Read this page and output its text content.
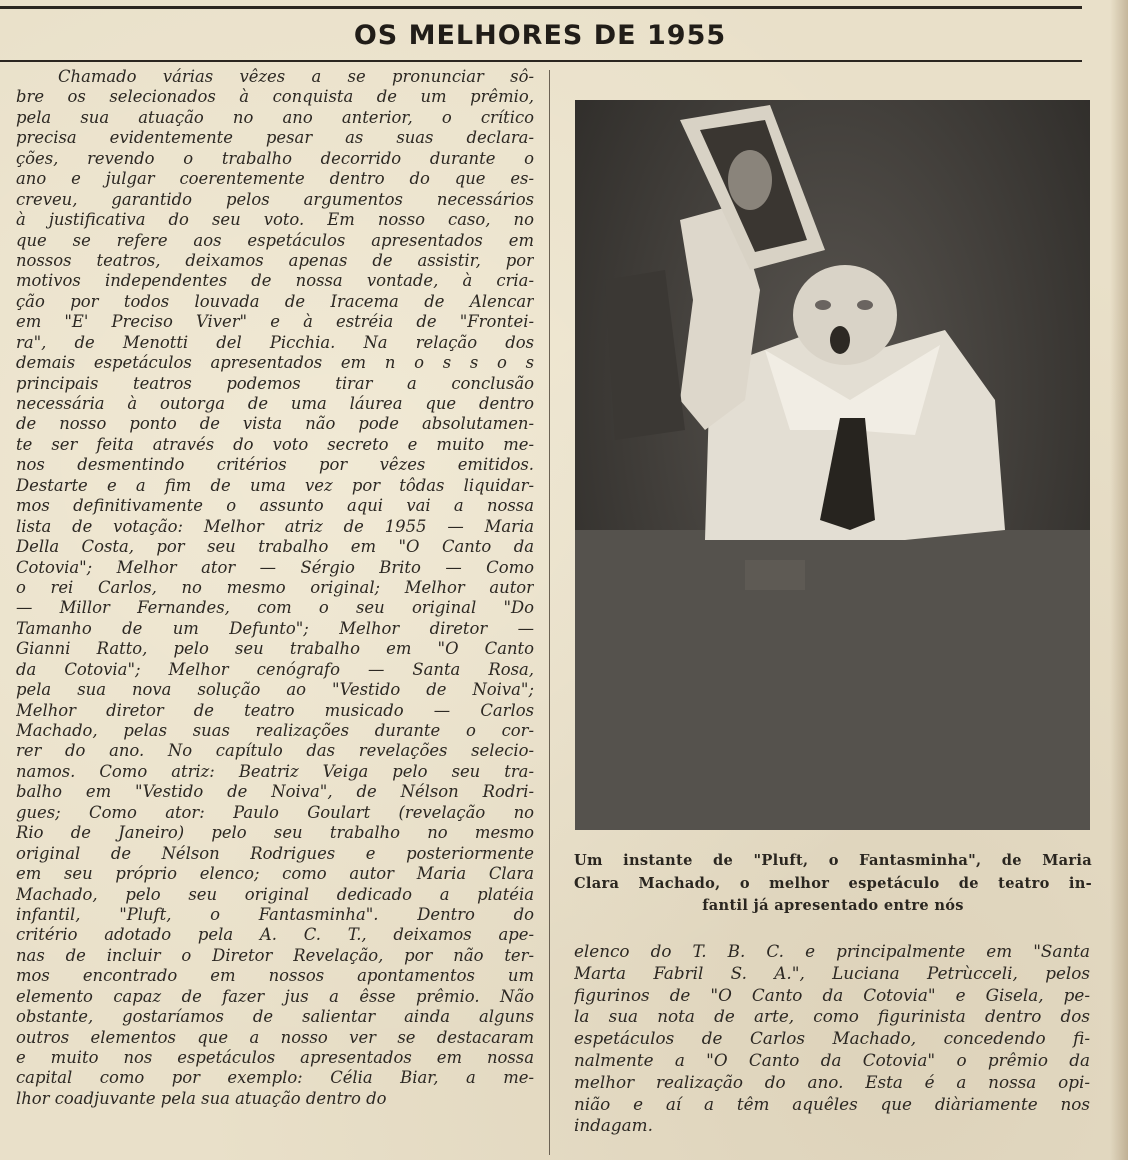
OS MELHORES DE 1955
Chamado várias vêzes a se pronunciar sô-
bre os selecionados à conquista de um prêmio,
pela sua atuação no ano anterior, o crítico
precisa evidentemente pesar as suas declara-
ções, revendo o trabalho decorrido durante o
ano e julgar coerentemente dentro do que es-
creveu, garantido pelos argumentos necessários
à justificativa do seu voto. Em nosso caso, no
que se refere aos espetáculos apresentados em
nossos teatros, deixamos apenas de assistir, por
motivos independentes de nossa vontade, à cria-
ção por todos louvada de Iracema de Alencar
em "E' Preciso Viver" e à estréia de "Frontei-
ra", de Menotti del Picchia. Na relação dos
demais espetáculos apresentados em n o s s o s
principais teatros podemos tirar a conclusão
necessária à outorga de uma láurea que dentro
de nosso ponto de vista não pode absolutamen-
te ser feita através do voto secreto e muito me-
nos desmentindo critérios por vêzes emitidos.
Destarte e a fim de uma vez por tôdas liquidar-
mos definitivamente o assunto aqui vai a nossa
lista de votação: Melhor atriz de 1955 — Maria
Della Costa, por seu trabalho em "O Canto da
Cotovia"; Melhor ator — Sérgio Brito — Como
o rei Carlos, no mesmo original; Melhor autor
— Millor Fernandes, com o seu original "Do
Tamanho de um Defunto"; Melhor diretor —
Gianni Ratto, pelo seu trabalho em "O Canto
da Cotovia"; Melhor cenógrafo — Santa Rosa,
pela sua nova solução ao "Vestido de Noiva";
Melhor diretor de teatro musicado — Carlos
Machado, pelas suas realizações durante o cor-
rer do ano. No capítulo das revelações selecio-
namos. Como atriz: Beatriz Veiga pelo seu tra-
balho em "Vestido de Noiva", de Nélson Rodri-
gues; Como ator: Paulo Goulart (revelação no
Rio de Janeiro) pelo seu trabalho no mesmo
original de Nélson Rodrigues e posteriormente
em seu próprio elenco; como autor Maria Clara
Machado, pelo seu original dedicado a platéia
infantil, "Pluft, o Fantasminha". Dentro do
critério adotado pela A. C. T., deixamos ape-
nas de incluir o Diretor Revelação, por não ter-
mos encontrado em nossos apontamentos um
elemento capaz de fazer jus a êsse prêmio. Não
obstante, gostaríamos de salientar ainda alguns
outros elementos que a nosso ver se destacaram
e muito nos espetáculos apresentados em nossa
capital como por exemplo: Célia Biar, a me-
lhor coadjuvante pela sua atuação dentro do
Um instante de "Pluft, o Fantasminha", de Maria
Clara Machado, o melhor espetáculo de teatro in-
fantil já apresentado entre nós
elenco do T. B. C. e principalmente em "Santa
Marta Fabril S. A.", Luciana Petrùcceli, pelos
figurinos de "O Canto da Cotovia" e Gisela, pe-
la sua nota de arte, como figurinista dentro dos
espetáculos de Carlos Machado, concedendo fi-
nalmente a "O Canto da Cotovia" o prêmio da
melhor realização do ano. Esta é a nossa opi-
nião e aí a têm aquêles que diàriamente nos
indagam.
